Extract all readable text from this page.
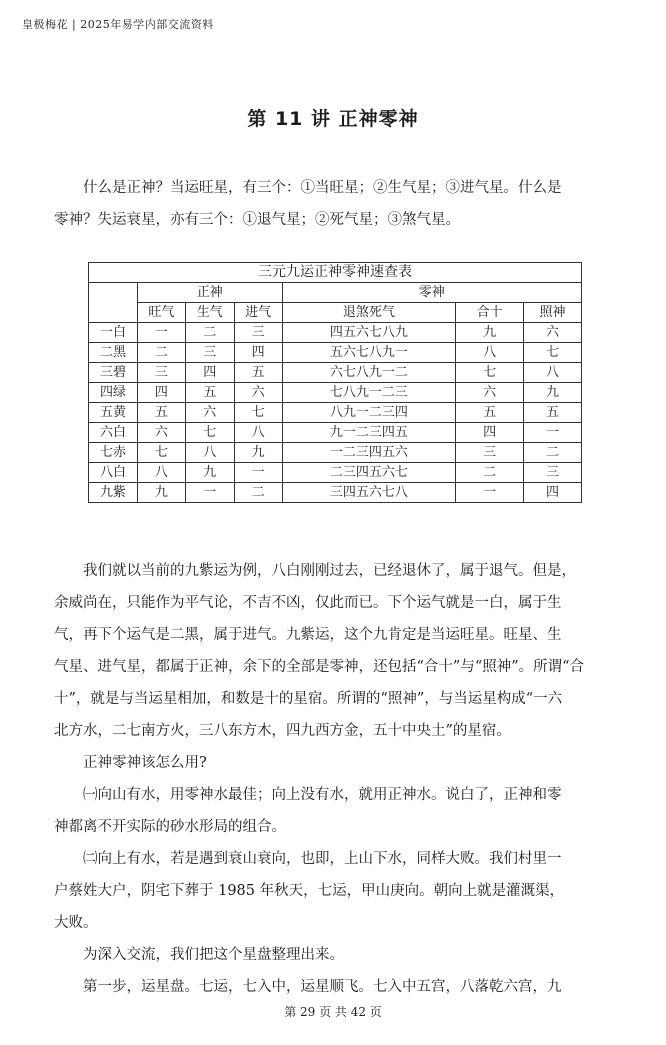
皇极梅花 | 2025年易学内部交流资料
第 11 讲 正神零神
什么是正神？当运旺星，有三个：①当旺星；②生气星；③进气星。什么是
零神？失运衰星，亦有三个：①退气星；②死气星；③煞气星。
三元九运正神零神速查表						
	正神			零神		
	旺气	生气	进气	退煞死气	合十	照神
一白	一	二	三	四五六七八九	九	六
二黑	二	三	四	五六七八九一	八	七
三碧	三	四	五	六七八九一二	七	八
四绿	四	五	六	七八九一二三	六	九
五黄	五	六	七	八九一二三四	五	五
六白	六	七	八	九一二三四五	四	一
七赤	七	八	九	一二三四五六	三	二
八白	八	九	一	二三四五六七	二	三
九紫	九	一	二	三四五六七八	一	四
我们就以当前的九紫运为例，八白刚刚过去，已经退休了，属于退气。但是，
余威尚在，只能作为平气论，不吉不凶，仅此而已。下个运气就是一白，属于生
气，再下个运气是二黑，属于进气。九紫运，这个九肯定是当运旺星。旺星、生
气星、进气星，都属于正神，余下的全部是零神，还包括“合十”与“照神”。所谓“合
十”，就是与当运星相加，和数是十的星宿。所谓的“照神”，与当运星构成“一六
北方水，二七南方火，三八东方木，四九西方金，五十中央土”的星宿。
正神零神该怎么用?
㈠向山有水，用零神水最佳；向上没有水，就用正神水。说白了，正神和零
神都离不开实际的砂水形局的组合。
㈡向上有水，若是遇到衰山衰向，也即，上山下水，同样大败。我们村里一
户蔡姓大户，阴宅下葬于 1985 年秋天，七运，甲山庚向。朝向上就是灌溉渠，
大败。
为深入交流，我们把这个星盘整理出来。
第一步，运星盘。七运，七入中，运星顺飞。七入中五宫，八落乾六宫，九
第 29 页 共 42 页
